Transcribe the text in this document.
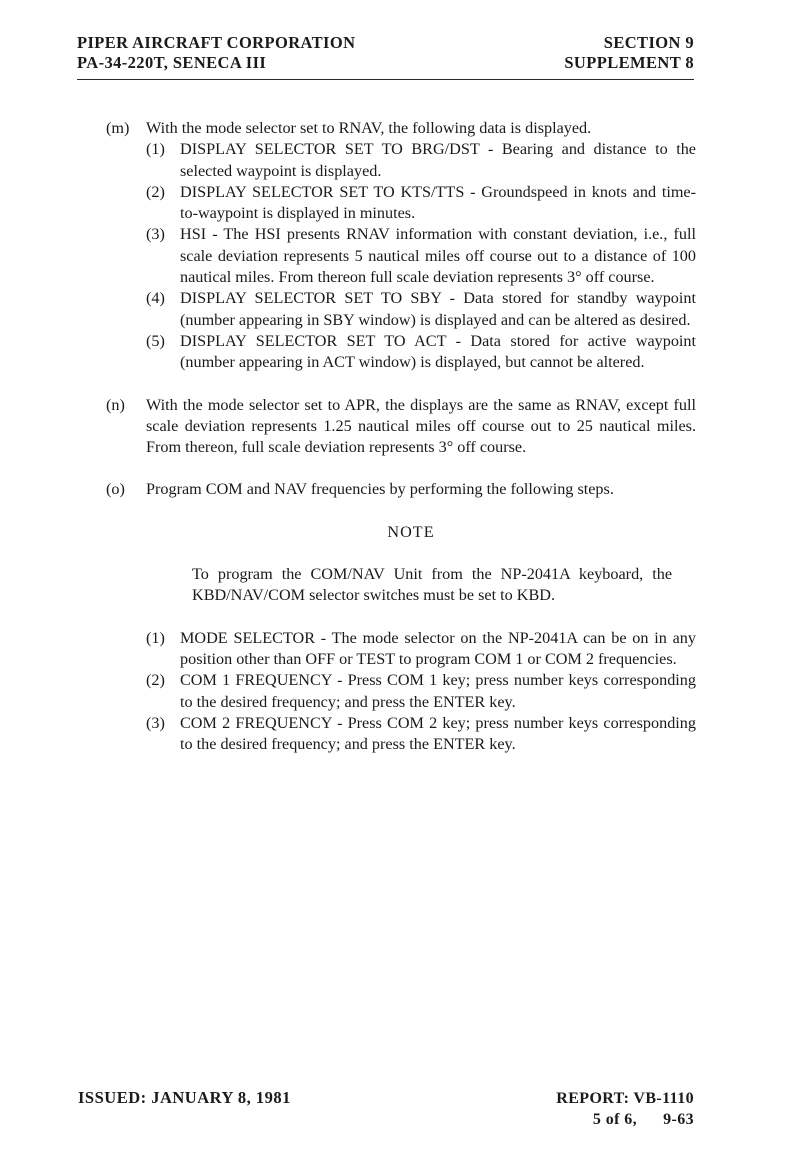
PIPER AIRCRAFT CORPORATION
PA-34-220T, SENECA III
SECTION 9
SUPPLEMENT 8
(m) With the mode selector set to RNAV, the following data is displayed.
(1) DISPLAY SELECTOR SET TO BRG/DST - Bearing and distance to the selected waypoint is displayed.
(2) DISPLAY SELECTOR SET TO KTS/TTS - Groundspeed in knots and time-to-waypoint is displayed in minutes.
(3) HSI - The HSI presents RNAV information with constant deviation, i.e., full scale deviation represents 5 nautical miles off course out to a distance of 100 nautical miles. From thereon full scale deviation represents 3° off course.
(4) DISPLAY SELECTOR SET TO SBY - Data stored for standby waypoint (number appearing in SBY window) is displayed and can be altered as desired.
(5) DISPLAY SELECTOR SET TO ACT - Data stored for active waypoint (number appearing in ACT window) is displayed, but cannot be altered.
(n) With the mode selector set to APR, the displays are the same as RNAV, except full scale deviation represents 1.25 nautical miles off course out to 25 nautical miles. From thereon, full scale deviation represents 3° off course.
(o) Program COM and NAV frequencies by performing the following steps.
NOTE
To program the COM/NAV Unit from the NP-2041A keyboard, the KBD/NAV/COM selector switches must be set to KBD.
(1) MODE SELECTOR - The mode selector on the NP-2041A can be on in any position other than OFF or TEST to program COM 1 or COM 2 frequencies.
(2) COM 1 FREQUENCY - Press COM 1 key; press number keys corresponding to the desired frequency; and press the ENTER key.
(3) COM 2 FREQUENCY - Press COM 2 key; press number keys corresponding to the desired frequency; and press the ENTER key.
ISSUED: JANUARY 8, 1981	REPORT: VB-1110
5 of 6, 9-63
